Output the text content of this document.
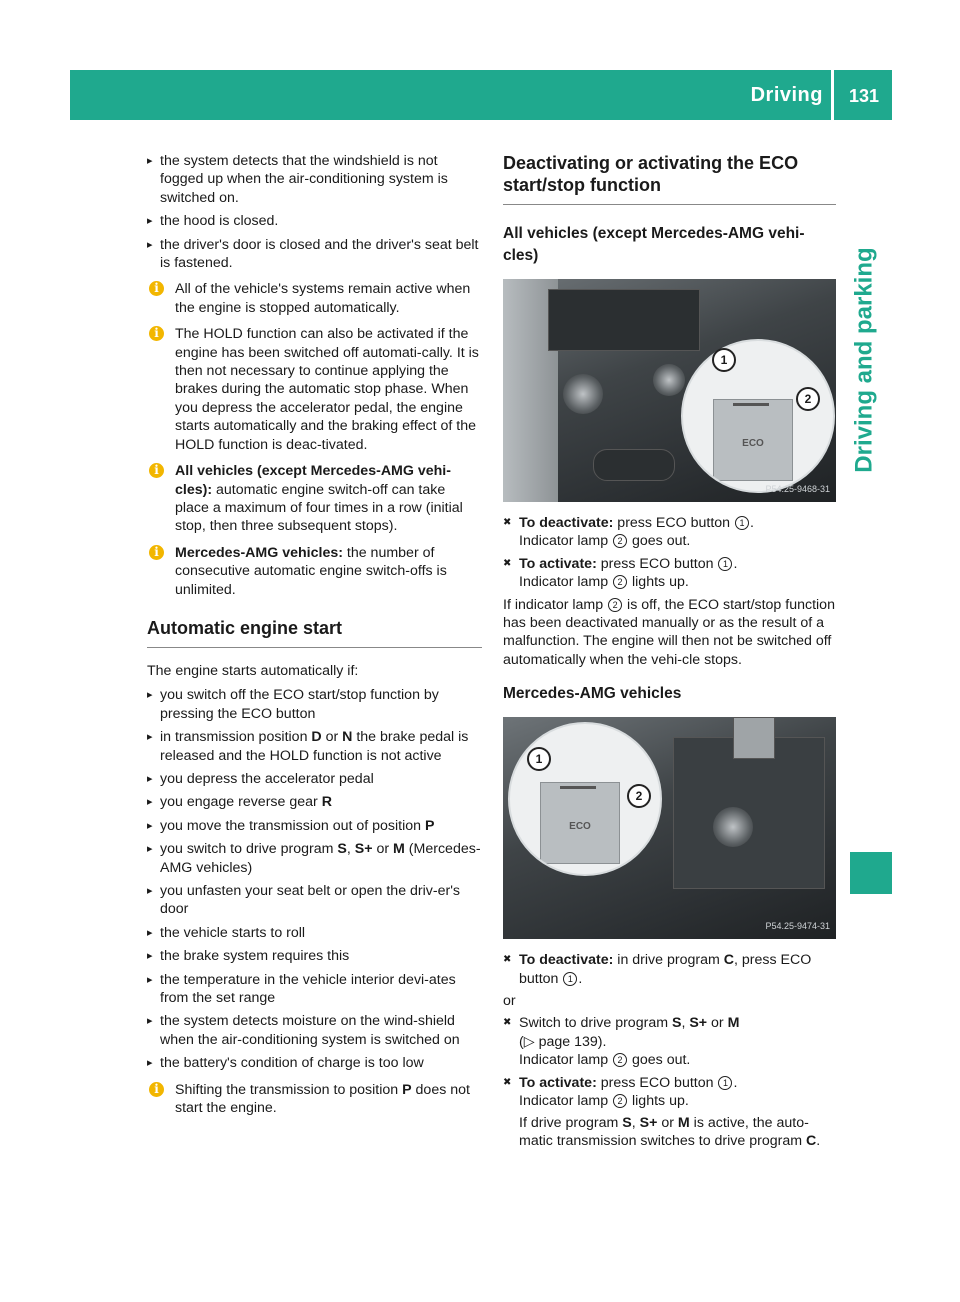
Driving	131
Driving and parking
▸ the system detects that the windshield is not fogged up when the air-conditioning system is switched on.
▸ the hood is closed.
▸ the driver's door is closed and the driver's seat belt is fastened.
i	All of the vehicle's systems remain active when the engine is stopped automatically.
i	The HOLD function can also be activated if the engine has been switched off automati-cally. It is then not necessary to continue applying the brakes during the automatic stop phase. When you depress the accelerator pedal, the engine starts automatically and the braking effect of the HOLD function is deac-tivated.
i	All vehicles (except Mercedes-AMG vehi-cles): automatic engine switch-off can take place a maximum of four times in a row (initial stop, then three subsequent stops).
i	Mercedes-AMG vehicles: the number of consecutive automatic engine switch-offs is unlimited.
Automatic engine start
The engine starts automatically if:
▸ you switch off the ECO start/stop function by pressing the ECO button
▸ in transmission position D or N the brake pedal is released and the HOLD function is not active
▸ you depress the accelerator pedal
▸ you engage reverse gear R
▸ you move the transmission out of position P
▸ you switch to drive program S, S+ or M (Mercedes-AMG vehicles)
▸ you unfasten your seat belt or open the driv-er's door
▸ the vehicle starts to roll
▸ the brake system requires this
▸ the temperature in the vehicle interior devi-ates from the set range
▸ the system detects moisture on the wind-shield when the air-conditioning system is switched on
▸ the battery's condition of charge is too low
i	Shifting the transmission to position P does not start the engine.
Deactivating or activating the ECO start/stop function
All vehicles (except Mercedes-AMG vehi-cles)
ECO
1
2
P54.25-9468-31
✖ To deactivate: press ECO button 1 .
Indicator lamp 2 goes out.
✖ To activate: press ECO button 1 .
Indicator lamp 2 lights up.
If indicator lamp 2 is off, the ECO start/stop function has been deactivated manually or as the result of a malfunction. The engine will then not be switched off automatically when the vehi-cle stops.
Mercedes-AMG vehicles
ECO
1
2
P54.25-9474-31
✖ To deactivate: in drive program C, press ECO button 1 .
or
✖ Switch to drive program S, S+ or M
(▷ page 139).
Indicator lamp 2 goes out.
✖ To activate: press ECO button 1 .
Indicator lamp 2 lights up.
If drive program S, S+ or M is active, the auto-matic transmission switches to drive program C.
